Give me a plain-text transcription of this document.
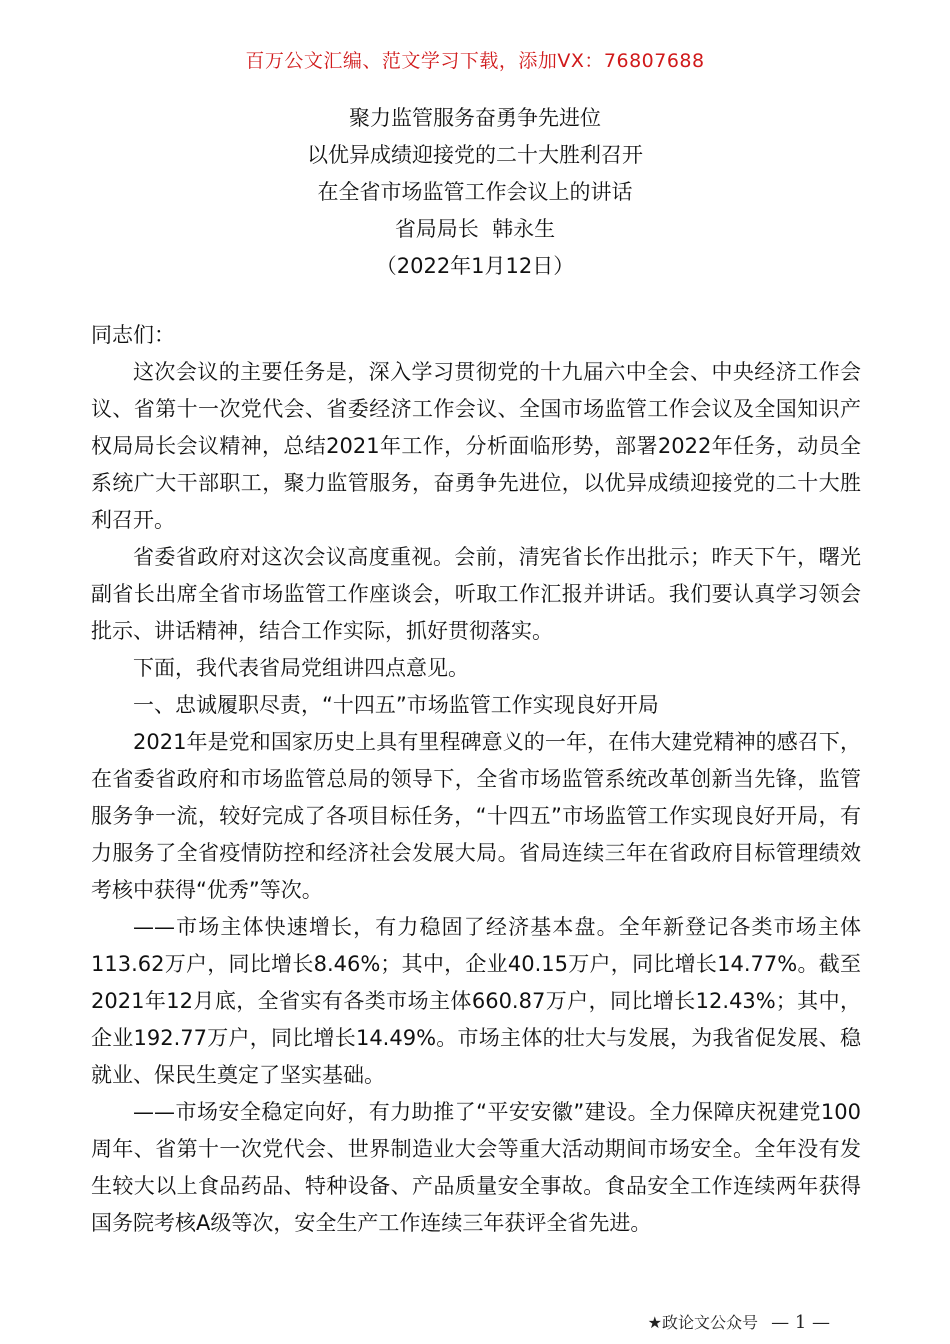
百万公文汇编、范文学习下载，添加VX：76807688
聚力监管服务奋勇争先进位
以优异成绩迎接党的二十大胜利召开
在全省市场监管工作会议上的讲话
省局局长  韩永生
（2022年1月12日）

同志们：

这次会议的主要任务是，深入学习贯彻党的十九届六中全会、中央经济工作会议、省第十一次党代会、省委经济工作会议、全国市场监管工作会议及全国知识产权局局长会议精神，总结2021年工作，分析面临形势，部署2022年任务，动员全系统广大干部职工，聚力监管服务，奋勇争先进位，以优异成绩迎接党的二十大胜利召开。

省委省政府对这次会议高度重视。会前，清宪省长作出批示；昨天下午，曙光副省长出席全省市场监管工作座谈会，听取工作汇报并讲话。我们要认真学习领会批示、讲话精神，结合工作实际，抓好贯彻落实。

下面，我代表省局党组讲四点意见。

一、忠诚履职尽责，“十四五”市场监管工作实现良好开局

2021年是党和国家历史上具有里程碑意义的一年，在伟大建党精神的感召下，在省委省政府和市场监管总局的领导下，全省市场监管系统改革创新当先锋，监管服务争一流，较好完成了各项目标任务，“十四五”市场监管工作实现良好开局，有力服务了全省疫情防控和经济社会发展大局。省局连续三年在省政府目标管理绩效考核中获得“优秀”等次。

——市场主体快速增长，有力稳固了经济基本盘。全年新登记各类市场主体113.62万户，同比增长8.46%；其中，企业40.15万户，同比增长14.77%。截至2021年12月底，全省实有各类市场主体660.87万户，同比增长12.43%；其中，企业192.77万户，同比增长14.49%。市场主体的壮大与发展，为我省促发展、稳就业、保民生奠定了坚实基础。

——市场安全稳定向好，有力助推了“平安安徽”建设。全力保障庆祝建党100周年、省第十一次党代会、世界制造业大会等重大活动期间市场安全。全年没有发生较大以上食品药品、特种设备、产品质量安全事故。食品安全工作连续两年获得国务院考核A级等次，安全生产工作连续三年获评全省先进。

★政论文公众号 — 1 —
